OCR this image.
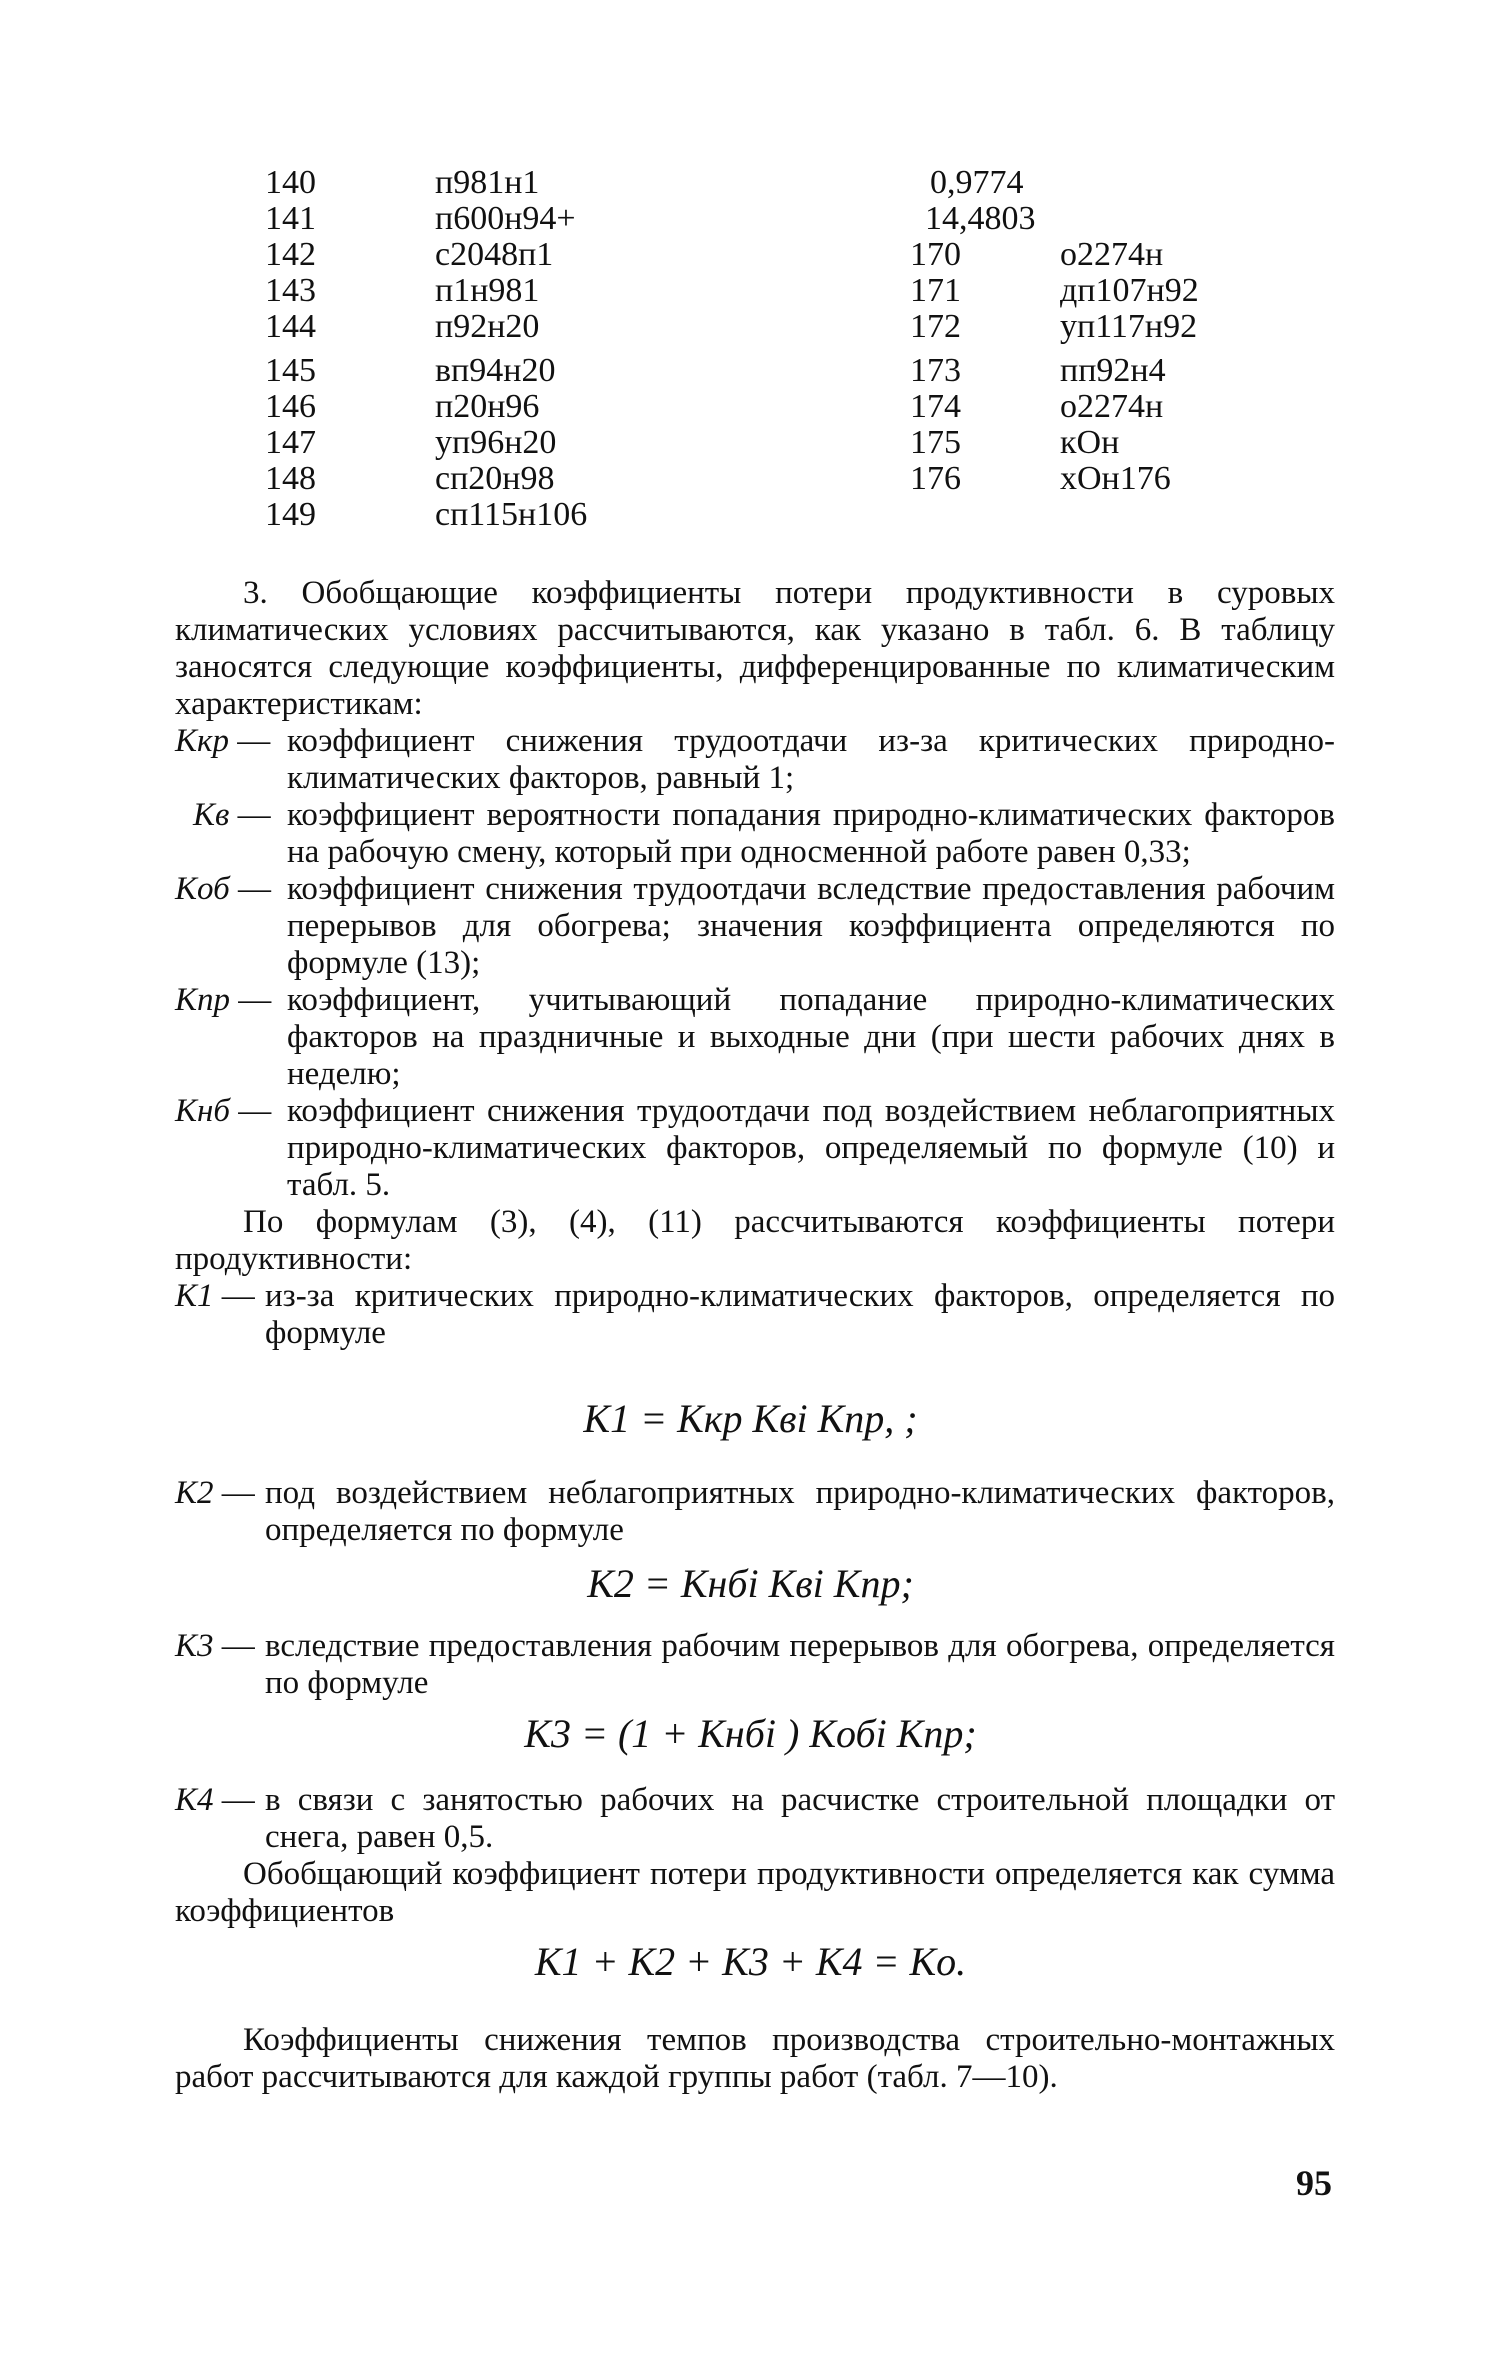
140	п981н1	0,9774
141	п600н94+	14,4803
142	с2048п1	170	о2274н
143	п1н981	171	дп107н92
144	п92н20	172	уп117н92
145	вп94н20	173	пп92н4
146	п20н96	174	о2274н
147	уп96н20	175	кОн
148	сп20н98	176	хОн176
149	сп115н106

3. Обобщающие коэффициенты потери продуктивности в суровых климатических условиях рассчитываются, как указано в табл. 6. В таблицу заносятся следующие коэффициенты, дифференцированные по климатическим характеристикам:

Kкр — коэффициент снижения трудоотдачи из-за критических природно-климатических факторов, равный 1;

Kв — коэффициент вероятности попадания природно-климатических факторов на рабочую смену, который при односменной работе равен 0,33;

Kоб — коэффициент снижения трудоотдачи вследствие предоставления рабочим перерывов для обогрева; значения коэффициента определяются по формуле (13);

Kпр — коэффициент, учитывающий попадание природно-климатических факторов на праздничные и выходные дни (при шести рабочих днях в неделю;

Kнб — коэффициент снижения трудоотдачи под воздействием неблагоприятных природно-климатических факторов, определяемый по формуле (10) и табл. 5.

По формулам (3), (4), (11) рассчитываются коэффициенты потери продуктивности:

K1 — из-за критических природно-климатических факторов, определяется по формуле

K1 = Kкр Kвi Kпр, ;

K2 — под воздействием неблагоприятных природно-климатических факторов, определяется по формуле

K2 = Kнбi Kвi Kпр;

K3 — вследствие предоставления рабочим перерывов для обогрева, определяется по формуле

K3 = (1 + Kнбi ) Kобi Kпр;

K4 — в связи с занятостью рабочих на расчистке строительной площадки от снега, равен 0,5.

Обобщающий коэффициент потери продуктивности определяется как сумма коэффициентов

K1 + K2 + K3 + K4 = Ko.

Коэффициенты снижения темпов производства строительно-монтажных работ рассчитываются для каждой группы работ (табл. 7—10).

95
